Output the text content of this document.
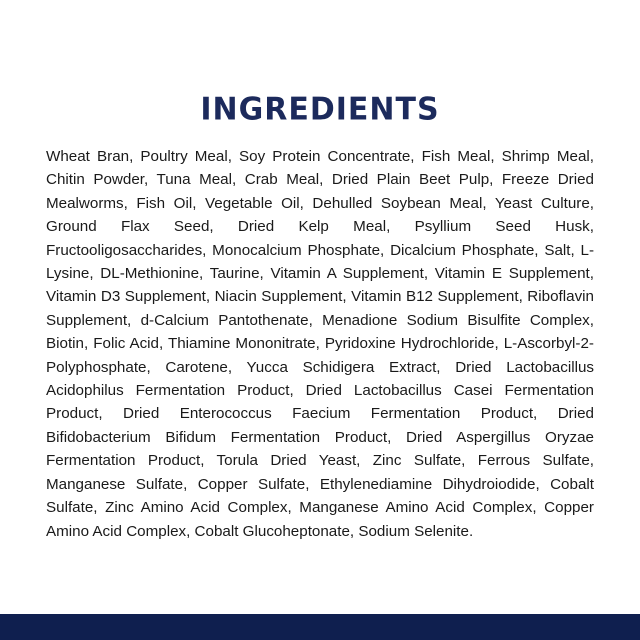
INGREDIENTS

Wheat Bran, Poultry Meal, Soy Protein Concentrate, Fish Meal, Shrimp Meal, Chitin Powder, Tuna Meal, Crab Meal, Dried Plain Beet Pulp, Freeze Dried Mealworms, Fish Oil, Vegetable Oil, Dehulled Soybean Meal, Yeast Culture, Ground Flax Seed, Dried Kelp Meal, Psyllium Seed Husk, Fructooligosaccharides, Monocalcium Phosphate, Dicalcium Phosphate, Salt, L-Lysine, DL-Methionine, Taurine, Vitamin A Supplement, Vitamin E Supplement, Vitamin D3 Supplement, Niacin Supplement, Vitamin B12 Supplement, Riboflavin Supplement, d-Calcium Pantothenate, Menadione Sodium Bisulfite Complex, Biotin, Folic Acid, Thiamine Mononitrate, Pyridoxine Hydrochloride, L-Ascorbyl-2-Polyphosphate, Carotene, Yucca Schidigera Extract, Dried Lactobacillus Acidophilus Fermentation Product, Dried Lactobacillus Casei Fermentation Product, Dried Enterococcus Faecium Fermentation Product, Dried Bifidobacterium Bifidum Fermentation Product, Dried Aspergillus Oryzae Fermentation Product, Torula Dried Yeast, Zinc Sulfate, Ferrous Sulfate, Manganese Sulfate, Copper Sulfate, Ethylenediamine Dihydroiodide, Cobalt Sulfate, Zinc Amino Acid Complex, Manganese Amino Acid Complex, Copper Amino Acid Complex, Cobalt Glucoheptonate, Sodium Selenite.
